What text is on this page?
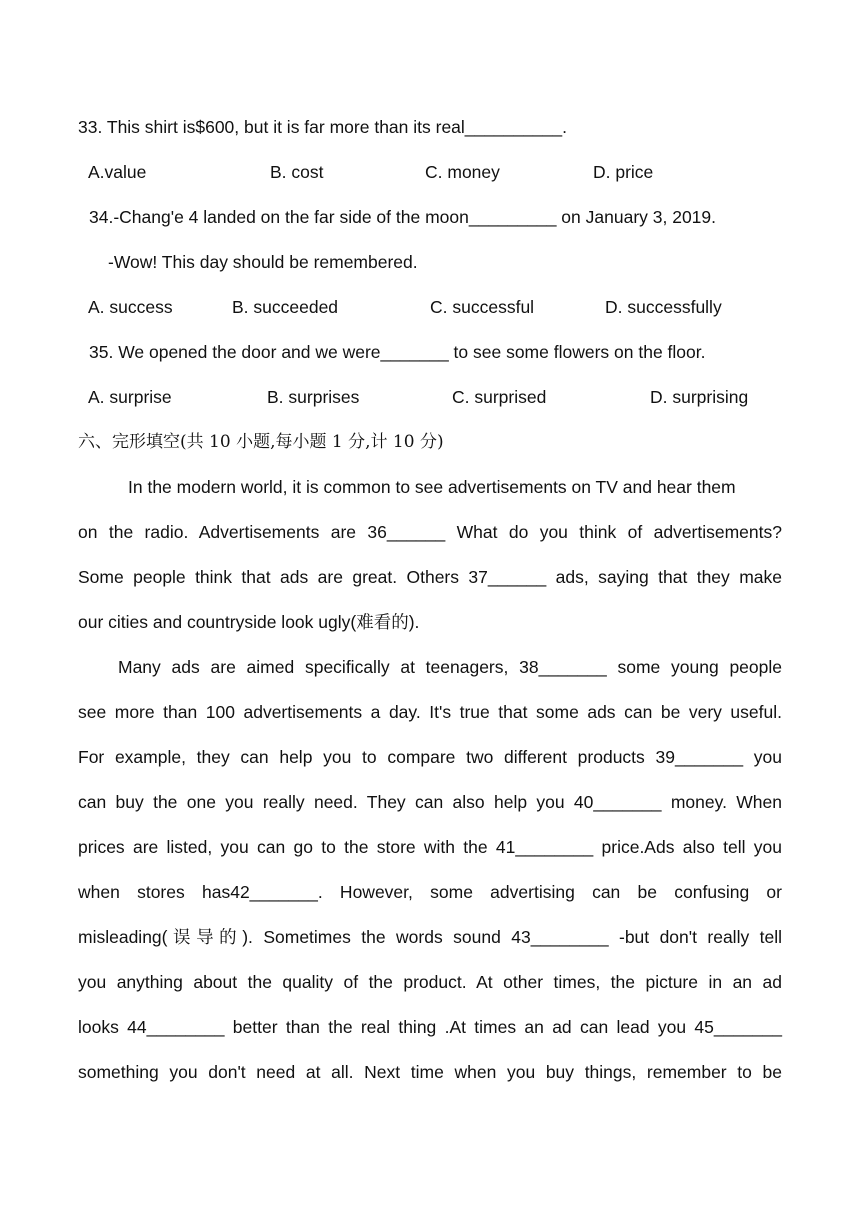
33. This shirt is$600, but it is far more than its real__________.
A.value	B. cost	C. money	D. price
34.-Chang'e 4 landed on the far side of the moon_________ on January 3, 2019.
-Wow! This day should be remembered.
A. success	B. succeeded	C. successful	D. successfully
35. We opened the door and we were_______ to see some flowers on the floor.
A. surprise	B. surprises	C. surprised	D. surprising
六、完形填空(共 10 小题,每小题 1 分,计 10 分)
In the modern world, it is common to see advertisements on TV and hear them
on the radio. Advertisements are 36______ What do you think of advertisements?
Some people think that ads are great. Others 37______ ads, saying that they make
our cities and countryside look ugly(难看的).
Many ads are aimed specifically at teenagers, 38_______ some young people
see more than 100 advertisements a day. It's true that some ads can be very useful.
For example, they can help you to compare two different products 39_______ you
can buy the one you really need. They can also help you 40_______ money. When
prices are listed, you can go to the store with the 41________ price.Ads also tell you
when stores has42_______. However, some advertising can be confusing or
misleading(误导的). Sometimes the words sound 43________ -but don't really tell
you anything about the quality of the product. At other times, the picture in an ad
looks 44________ better than the real thing .At times an ad can lead you 45_______
something you don't need at all. Next time when you buy things, remember to be
